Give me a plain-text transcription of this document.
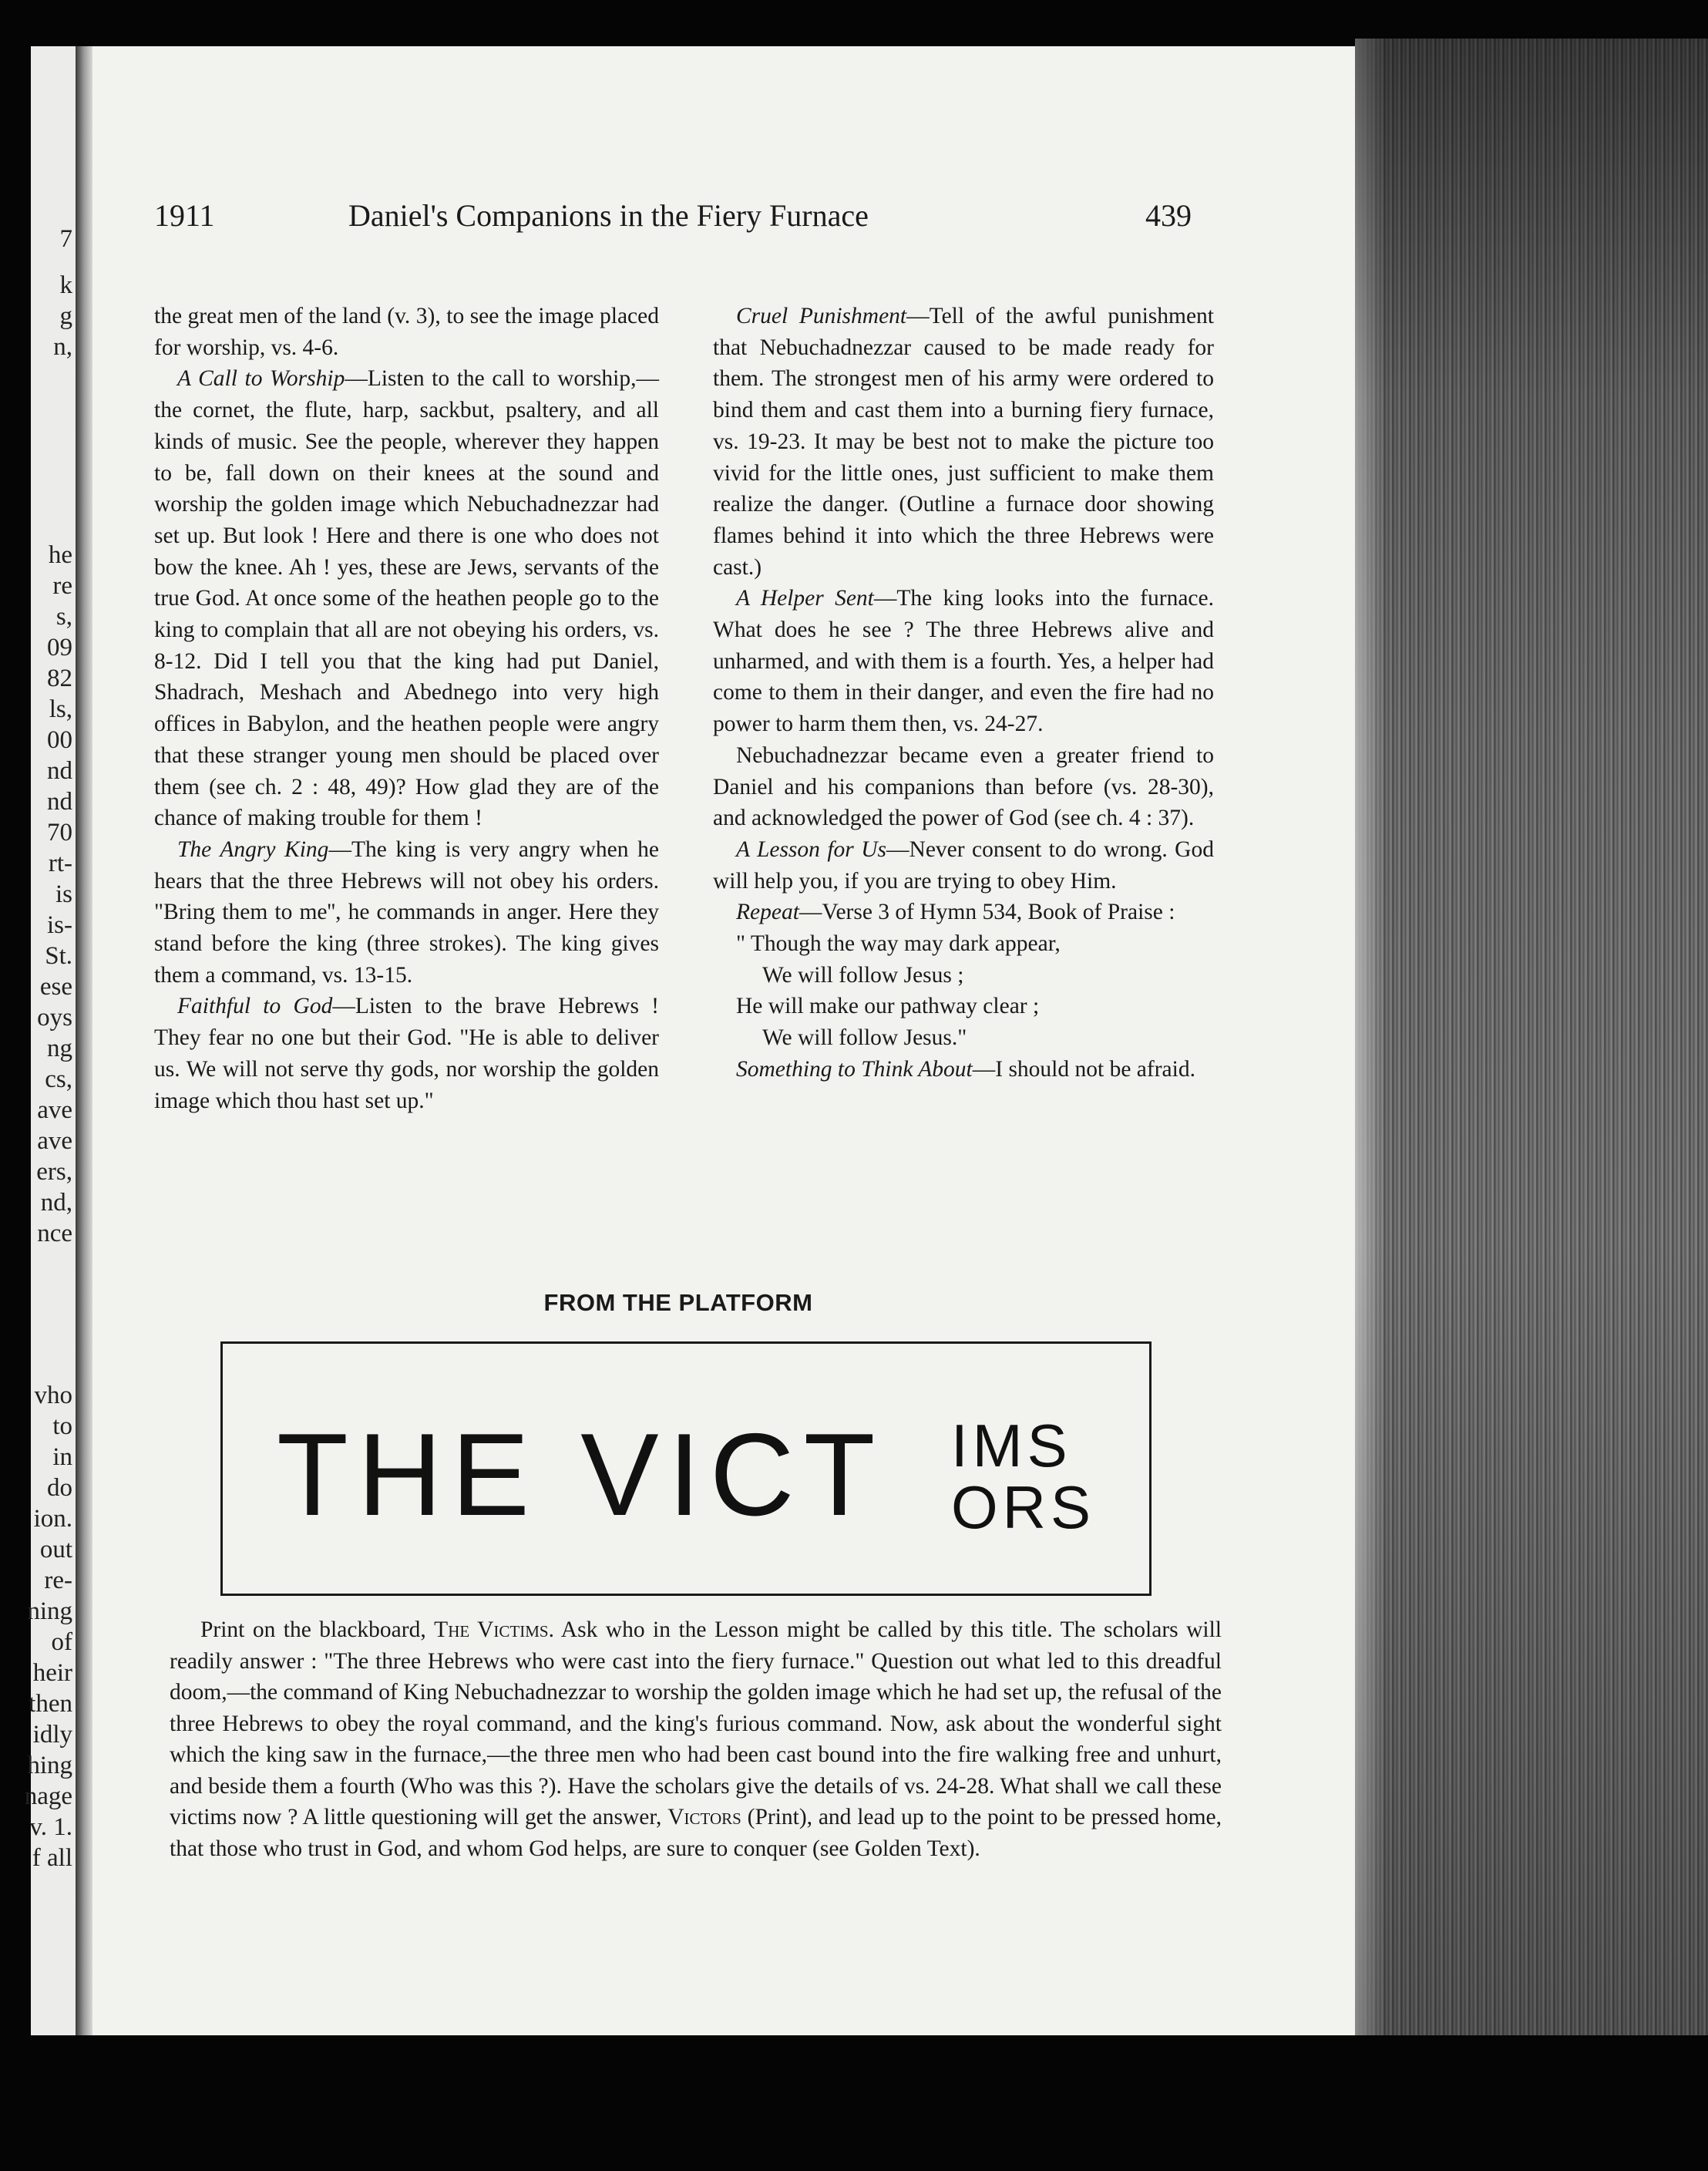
7
k
g
n,
he
re
s,
09
82
ls,
00
nd
nd
70
rt-
is
is-
St.
ese
oys
ng
cs,
ave
ave
ers,
nd,
nce
vho
to
in
do
ion.
out
re-
ning
of
heir
then
idly
hing
nage
v. 1.
f all
1911	Daniel's Companions in the Fiery Furnace	439

the great men of the land (v. 3), to see the image placed for worship, vs. 4-6.

A Call to Worship—Listen to the call to worship,—the cornet, the flute, harp, sackbut, psaltery, and all kinds of music. See the people, wherever they happen to be, fall down on their knees at the sound and worship the golden image which Nebuchadnezzar had set up. But look ! Here and there is one who does not bow the knee. Ah ! yes, these are Jews, servants of the true God. At once some of the heathen people go to the king to complain that all are not obeying his orders, vs. 8-12. Did I tell you that the king had put Daniel, Shadrach, Meshach and Abednego into very high offices in Babylon, and the heathen people were angry that these stranger young men should be placed over them (see ch. 2 : 48, 49)? How glad they are of the chance of making trouble for them !

The Angry King—The king is very angry when he hears that the three Hebrews will not obey his orders. "Bring them to me'', he commands in anger. Here they stand before the king (three strokes). The king gives them a command, vs. 13-15.

Faithful to God—Listen to the brave Hebrews ! They fear no one but their God. "He is able to deliver us. We will not serve thy gods, nor worship the golden image which thou hast set up."

Cruel Punishment—Tell of the awful punishment that Nebuchadnezzar caused to be made ready for them. The strongest men of his army were ordered to bind them and cast them into a burning fiery furnace, vs. 19-23. It may be best not to make the picture too vivid for the little ones, just sufficient to make them realize the danger. (Outline a furnace door showing flames behind it into which the three Hebrews were cast.)

A Helper Sent—The king looks into the furnace. What does he see ? The three Hebrews alive and unharmed, and with them is a fourth. Yes, a helper had come to them in their danger, and even the fire had no power to harm them then, vs. 24-27.

Nebuchadnezzar became even a greater friend to Daniel and his companions than before (vs. 28-30), and acknowledged the power of God (see ch. 4 : 37).

A Lesson for Us—Never consent to do wrong. God will help you, if you are trying to obey Him.

Repeat—Verse 3 of Hymn 534, Book of Praise :

" Though the way may dark appear,

We will follow Jesus ;

He will make our pathway clear ;

We will follow Jesus."

Something to Think About—I should not be afraid.

FROM THE PLATFORM
THE VICT IMS
ORS

Print on the blackboard, The Victims. Ask who in the Lesson might be called by this title. The scholars will readily answer : "The three Hebrews who were cast into the fiery furnace." Question out what led to this dreadful doom,—the command of King Nebuchadnezzar to worship the golden image which he had set up, the refusal of the three Hebrews to obey the royal command, and the king's furious command. Now, ask about the wonderful sight which the king saw in the furnace,—the three men who had been cast bound into the fire walking free and unhurt, and beside them a fourth (Who was this ?). Have the scholars give the details of vs. 24-28. What shall we call these victims now ? A little questioning will get the answer, Victors (Print), and lead up to the point to be pressed home, that those who trust in God, and whom God helps, are sure to conquer (see Golden Text).
